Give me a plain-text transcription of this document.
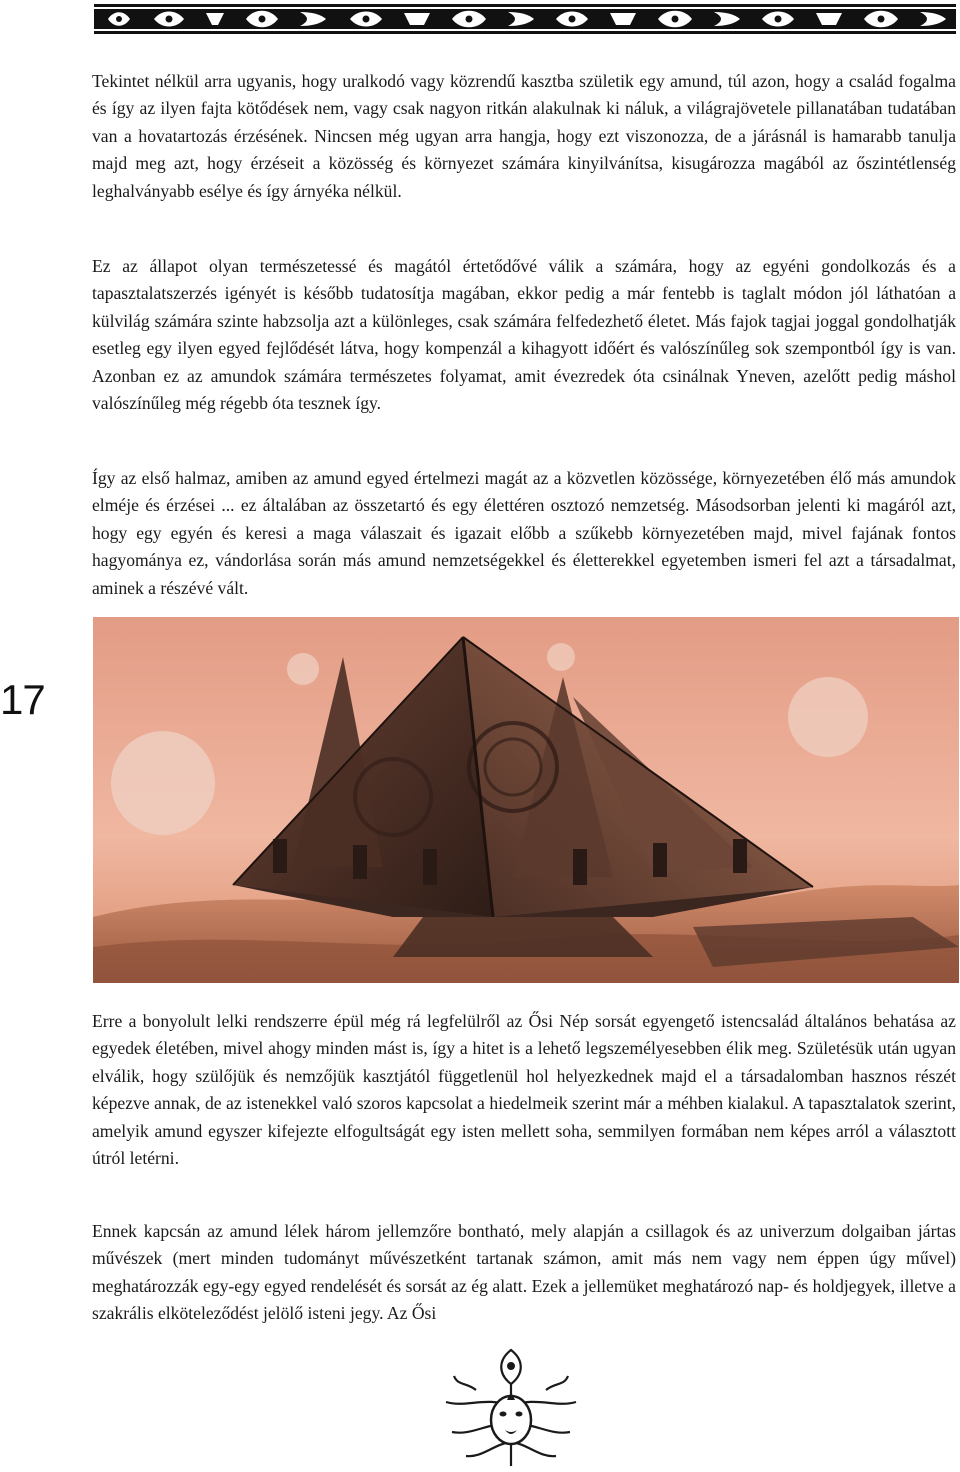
17

Tekintet nélkül arra ugyanis, hogy uralkodó vagy közrendű kasztba születik egy amund, túl azon, hogy a család fogalma és így az ilyen fajta kötődések nem, vagy csak nagyon ritkán alakulnak ki náluk, a világrajövetele pillanatában tudatában van a hovatartozás érzésének. Nincsen még ugyan arra hangja, hogy ezt viszonozza, de a járásnál is hamarabb tanulja majd meg azt, hogy érzéseit a közösség és környezet számára kinyilvánítsa, kisugározza magából az őszintétlenség leghalványabb esélye és így árnyéka nélkül.

Ez az állapot olyan természetessé és magától értetődővé válik a számára, hogy az egyéni gondolkozás és a tapasztalatszerzés igényét is később tudatosítja magában, ekkor pedig a már fentebb is taglalt módon jól láthatóan a külvilág számára szinte habzsolja azt a különleges, csak számára felfedezhető életet. Más fajok tagjai joggal gondolhatják esetleg egy ilyen egyed fejlődését látva, hogy kompenzál a kihagyott időért és valószínűleg sok szempontból így is van. Azonban ez az amundok számára természetes folyamat, amit évezredek óta csinálnak Yneven, azelőtt pedig máshol valószínűleg még régebb óta tesznek így.

Így az első halmaz, amiben az amund egyed értelmezi magát az a közvetlen közössége, környezetében élő más amundok elméje és érzései ... ez általában az összetartó és egy élettéren osztozó nemzetség. Másodsorban jelenti ki magáról azt, hogy egy egyén és keresi a maga válaszait és igazait előbb a szűkebb környezetében majd, mivel fajának fontos hagyománya ez, vándorlása során más amund nemzetségekkel és életterekkel egyetemben ismeri fel azt a társadalmat, aminek a részévé vált.

Erre a bonyolult lelki rendszerre épül még rá legfelülről az Ősi Nép sorsát egyengető istencsalád általános behatása az egyedek életében, mivel ahogy minden mást is, így a hitet is a lehető legszemélyesebben élik meg. Születésük után ugyan elválik, hogy szülőjük és nemzőjük kasztjától függetlenül hol helyezkednek majd el a társadalomban hasznos részét képezve annak, de az istenekkel való szoros kapcsolat a hiedelmeik szerint már a méhben kialakul. A tapasztalatok szerint, amelyik amund egyszer kifejezte elfogultságát egy isten mellett soha, semmilyen formában nem képes arról a választott útról letérni.

Ennek kapcsán az amund lélek három jellemzőre bontható, mely alapján a csillagok és az univerzum dolgaiban jártas művészek (mert minden tudományt művészetként tartanak számon, amit más nem vagy nem éppen úgy művel) meghatározzák egy-egy egyed rendelését és sorsát az ég alatt. Ezek a jellemüket meghatározó nap- és holdjegyek, illetve a szakrális elköteleződést jelölő isteni jegy. Az Ősi
